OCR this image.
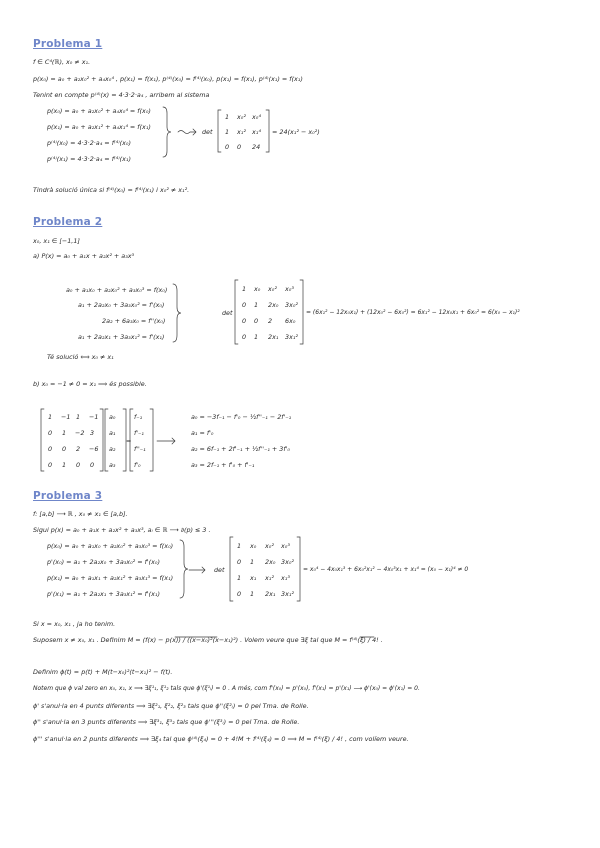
Problema 1
f ∈ C⁴(ℝ), x₀ ≠ x₁.
p(x₀) = a₀ + a₂x₀² + a₄x₀⁴ , p(x₁) = f(x₁), p⁽⁴⁾(x₀) = f⁽⁴⁾(x₀), p(x₁) = f(x₁), p⁽⁴⁾(x₁) = f(x₁)
Tenint en compte p⁽⁴⁾(x) = 4·3·2·a₄ , arribem al sistema
p(x₀) = a₀ + a₂x₀² + a₄x₀⁴ = f(x₀)
p(x₁) = a₀ + a₂x₁² + a₄x₁⁴ = f(x₁)
p⁽⁴⁾(x₀) = 4·3·2·a₄ = f⁽⁴⁾(x₀)
p⁽⁴⁾(x₁) = 4·3·2·a₄ = f⁽⁴⁾(x₁)
det
1 x₀² x₀⁴
1 x₁² x₁⁴
0 0 24
= 24(x₁² − x₀²)
Tindrà solució única si f⁽⁴⁾(x₀) = f⁽⁴⁾(x₁) i x₀² ≠ x₁².
Problema 2
x₀, x₁ ∈ [−1,1]
a) P(x) = a₀ + a₁x + a₂x² + a₃x³
a₀ + a₁x₀ + a₂x₀² + a₃x₀³ = f(x₀)
a₁ + 2a₂x₀ + 3a₃x₀² = f'(x₀)
2a₂ + 6a₃x₀ = f''(x₀)
a₁ + 2a₂x₁ + 3a₃x₁² = f'(x₁)
det
1 x₀ x₀² x₀³
0 1 2x₀ 3x₀²
0 0 2 6x₀
0 1 2x₁ 3x₁²
= (6x₁² − 12x₀x₁) + (12x₀² − 6x₀²) = 6x₁² − 12x₀x₁ + 6x₀² = 6(x₀ − x₁)²
Té solució ⟺ x₀ ≠ x₁
b) x₀ = −1 ≠ 0 = x₁ ⟹ és possible.
1 −1 1 −1
0 1 −2 3
0 0 2 −6
0 1 0 0
a₀
a₁
a₂
a₃
=
f₋₁
f'₋₁
f''₋₁
f'₀
a₀ = −3f₋₁ − f'₀ − ½f''₋₁ − 2f'₋₁
a₁ = f'₀
a₂ = 6f₋₁ + 2f'₋₁ + ½f''₋₁ + 3f'₀
a₃ = 2f₋₁ + f'₀ + f'₋₁
Problema 3
f: [a,b] ⟶ ℝ , x₀ ≠ x₁ ∈ [a,b].
Sigui p(x) = a₀ + a₁x + a₂x² + a₃x³, aᵢ ∈ ℝ ⟶ ∂(p) ≤ 3 .
p(x₀) = a₀ + a₁x₀ + a₂x₀² + a₃x₀³ = f(x₀)
p'(x₀) = a₁ + 2a₂x₀ + 3a₃x₀² = f'(x₀)
p(x₁) = a₀ + a₁x₁ + a₂x₁² + a₃x₁³ = f(x₁)
p'(x₁) = a₁ + 2a₂x₁ + 3a₃x₁² = f'(x₁)
det
1 x₀ x₀² x₀³
0 1 2x₀ 3x₀²
1 x₁ x₁² x₁³
0 1 2x₁ 3x₁²
= x₀⁴ − 4x₀x₁³ + 6x₀²x₁² − 4x₀³x₁ + x₁⁴ = (x₀ − x₁)⁴ ≠ 0
Si x = x₀, x₁ , ja ho tenim.
Suposem x ≠ x₀, x₁ . Definim M = (f(x) − p(x)) / ((x−x₀)²(x−x₁)²) . Volem veure que ∃ξ tal que M = f⁽⁴⁾(ξ) / 4! .
Definim ϕ(t) = p(t) + M(t−x₀)²(t−x₁)² − f(t).
Notem que ϕ val zero en x₀, x₁, x ⟹ ∃ξ¹₁, ξ¹₂ tals que ϕ'(ξ¹ᵢ) = 0 . A més, com f'(x₀) = p'(x₀), f'(x₁) = p'(x₁) ⟶ ϕ'(x₀) = ϕ'(x₁) = 0.
ϕ' s'anul·la en 4 punts diferents ⟹ ∃ξ²₁, ξ²₂, ξ²₃ tals que ϕ''(ξ²ᵢ) = 0 pel Tma. de Rolle.
ϕ'' s'anul·la en 3 punts diferents ⟹ ∃ξ³₁, ξ³₂ tals que ϕ'''(ξ³ᵢ) = 0 pel Tma. de Rolle.
ϕ''' s'anul·la en 2 punts diferents ⟹ ∃ξ₄ tal que ϕ⁽⁴⁾(ξ₄) = 0 + 4!M + f⁽⁴⁾(ξ₄) = 0 ⟹ M = f⁽⁴⁾(ξ) / 4! , com volíem veure.
